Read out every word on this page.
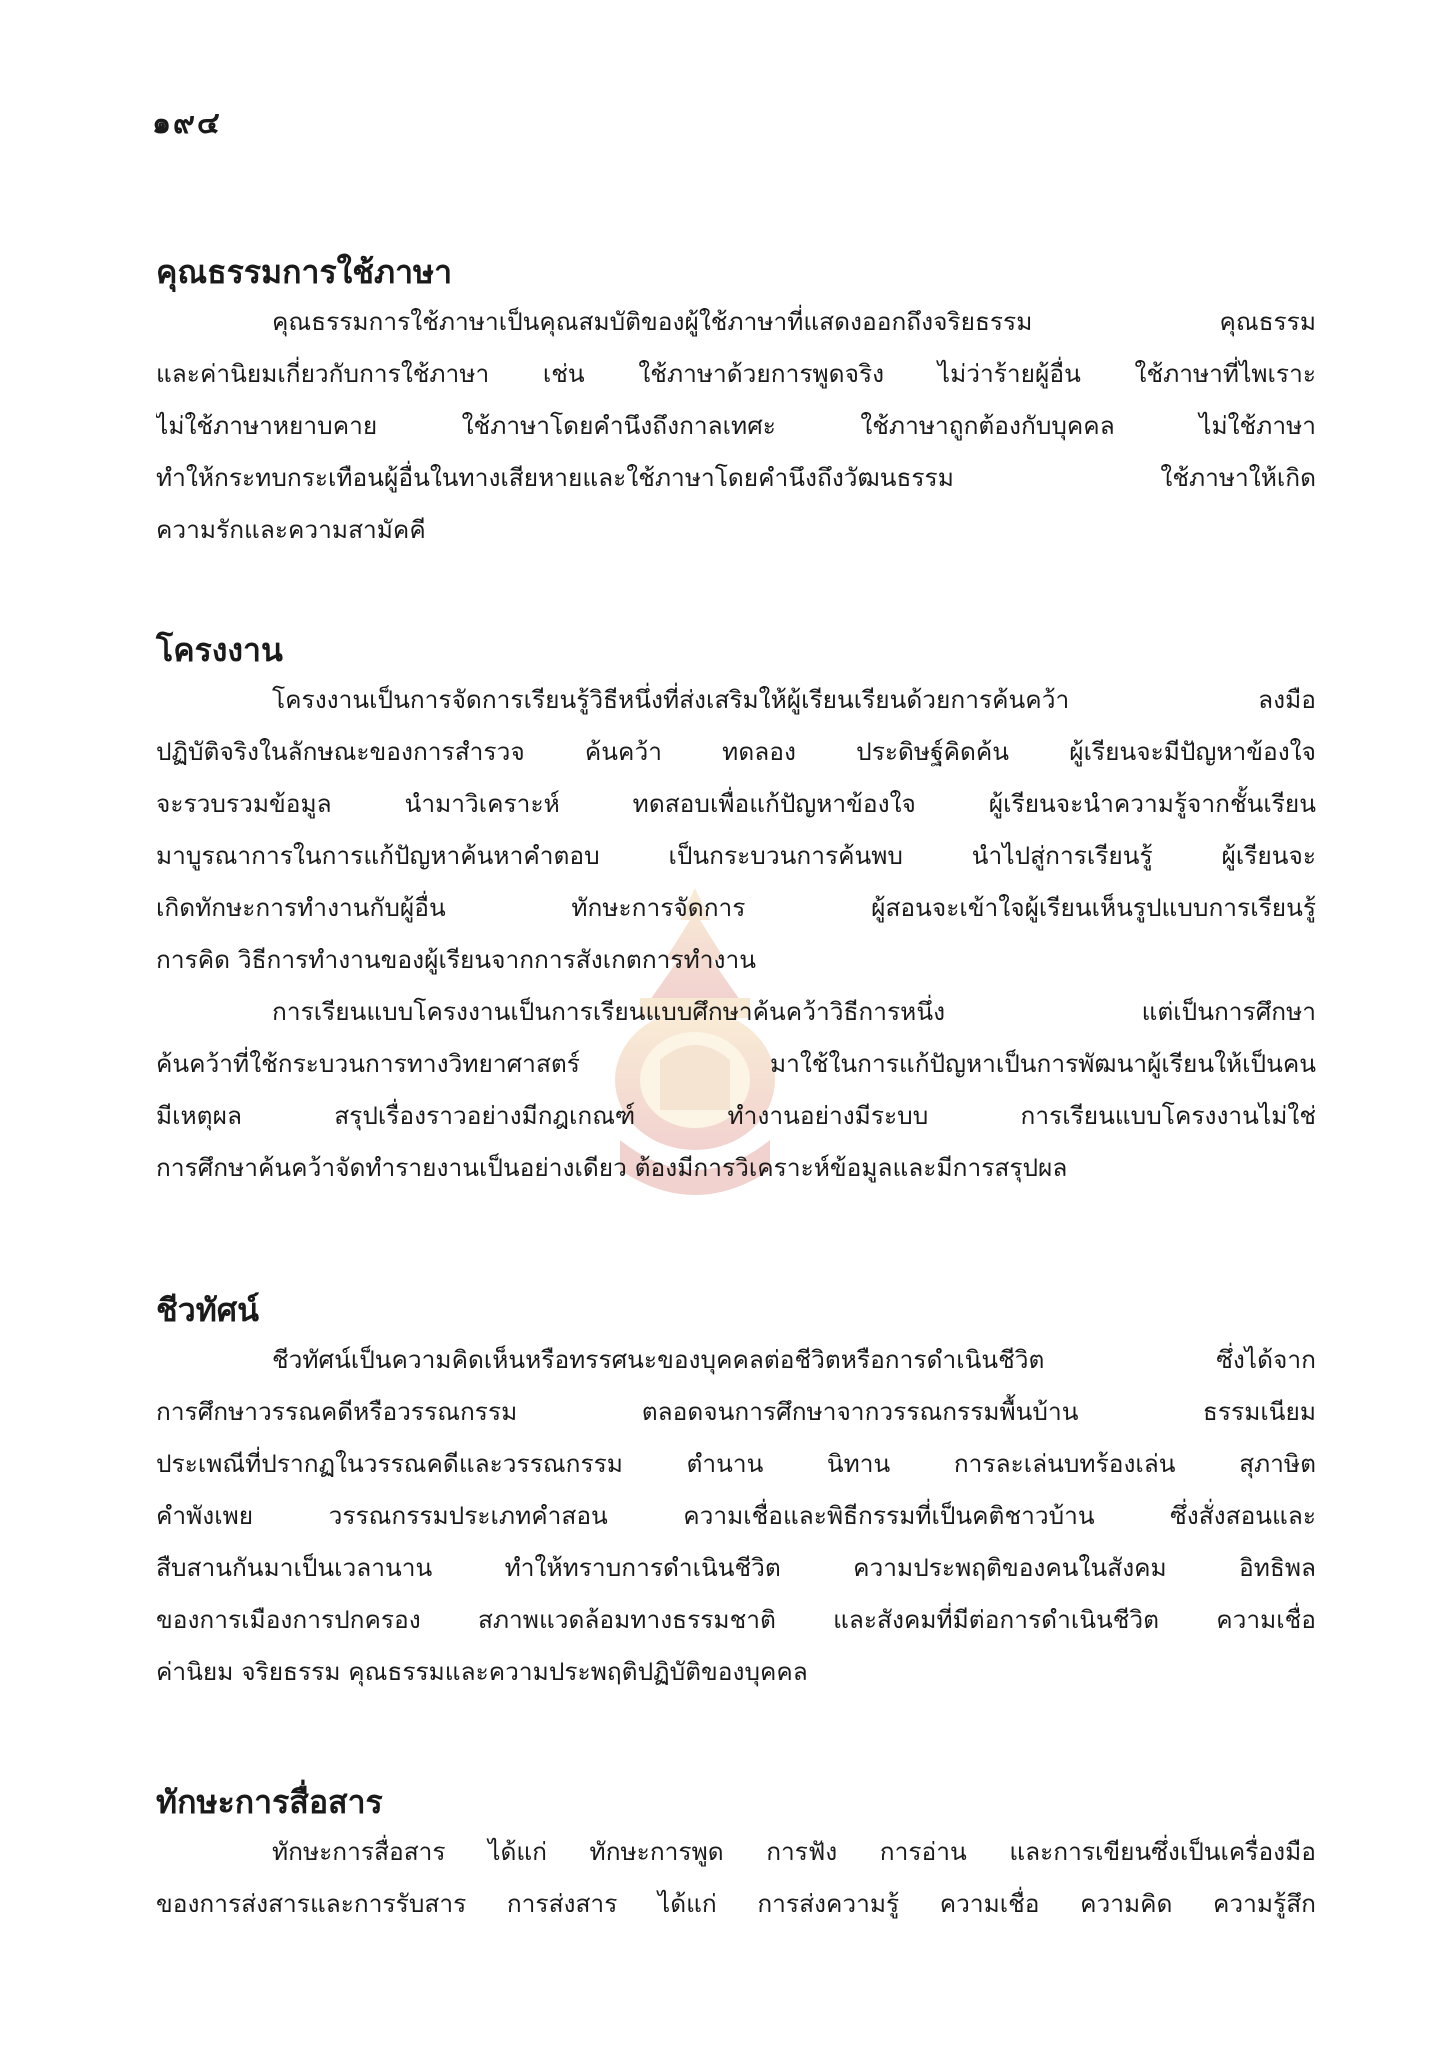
๑๙๔
คุณธรรมการใช้ภาษา

คุณธรรมการใช้ภาษาเป็นคุณสมบัติของผู้ใช้ภาษาที่แสดงออกถึงจริยธรรม คุณธรรม
และค่านิยมเกี่ยวกับการใช้ภาษา เช่น ใช้ภาษาด้วยการพูดจริง ไม่ว่าร้ายผู้อื่น ใช้ภาษาที่ไพเราะ
ไม่ใช้ภาษาหยาบคาย ใช้ภาษาโดยคำนึงถึงกาลเทศะ ใช้ภาษาถูกต้องกับบุคคล ไม่ใช้ภาษา
ทำให้กระทบกระเทือนผู้อื่นในทางเสียหายและใช้ภาษาโดยคำนึงถึงวัฒนธรรม ใช้ภาษาให้เกิด
ความรักและความสามัคคี

โครงงาน

โครงงานเป็นการจัดการเรียนรู้วิธีหนึ่งที่ส่งเสริมให้ผู้เรียนเรียนด้วยการค้นคว้า ลงมือ
ปฏิบัติจริงในลักษณะของการสำรวจ ค้นคว้า ทดลอง ประดิษฐ์คิดค้น ผู้เรียนจะมีปัญหาข้องใจ
จะรวบรวมข้อมูล นำมาวิเคราะห์ ทดสอบเพื่อแก้ปัญหาข้องใจ ผู้เรียนจะนำความรู้จากชั้นเรียน
มาบูรณาการในการแก้ปัญหาค้นหาคำตอบ เป็นกระบวนการค้นพบ นำไปสู่การเรียนรู้ ผู้เรียนจะ
เกิดทักษะการทำงานกับผู้อื่น ทักษะการจัดการ ผู้สอนจะเข้าใจผู้เรียนเห็นรูปแบบการเรียนรู้
การคิด วิธีการทำงานของผู้เรียนจากการสังเกตการทำงาน

การเรียนแบบโครงงานเป็นการเรียนแบบศึกษาค้นคว้าวิธีการหนึ่ง แต่เป็นการศึกษา
ค้นคว้าที่ใช้กระบวนการทางวิทยาศาสตร์ มาใช้ในการแก้ปัญหาเป็นการพัฒนาผู้เรียนให้เป็นคน
มีเหตุผล สรุปเรื่องราวอย่างมีกฎเกณฑ์ ทำงานอย่างมีระบบ การเรียนแบบโครงงานไม่ใช่
การศึกษาค้นคว้าจัดทำรายงานเป็นอย่างเดียว ต้องมีการวิเคราะห์ข้อมูลและมีการสรุปผล

ชีวทัศน์

ชีวทัศน์เป็นความคิดเห็นหรือทรรศนะของบุคคลต่อชีวิตหรือการดำเนินชีวิต ซึ่งได้จาก
การศึกษาวรรณคดีหรือวรรณกรรม ตลอดจนการศึกษาจากวรรณกรรมพื้นบ้าน ธรรมเนียม
ประเพณีที่ปรากฏในวรรณคดีและวรรณกรรม ตำนาน นิทาน การละเล่นบทร้องเล่น สุภาษิต
คำพังเพย วรรณกรรมประเภทคำสอน ความเชื่อและพิธีกรรมที่เป็นคติชาวบ้าน ซึ่งสั่งสอนและ
สืบสานกันมาเป็นเวลานาน ทำให้ทราบการดำเนินชีวิต ความประพฤติของคนในสังคม อิทธิพล
ของการเมืองการปกครอง สภาพแวดล้อมทางธรรมชาติ และสังคมที่มีต่อการดำเนินชีวิต ความเชื่อ
ค่านิยม จริยธรรม คุณธรรมและความประพฤติปฏิบัติของบุคคล

ทักษะการสื่อสาร

ทักษะการสื่อสาร ได้แก่ ทักษะการพูด การฟัง การอ่าน และการเขียนซึ่งเป็นเครื่องมือ
ของการส่งสารและการรับสาร การส่งสาร ได้แก่ การส่งความรู้ ความเชื่อ ความคิด ความรู้สึก
